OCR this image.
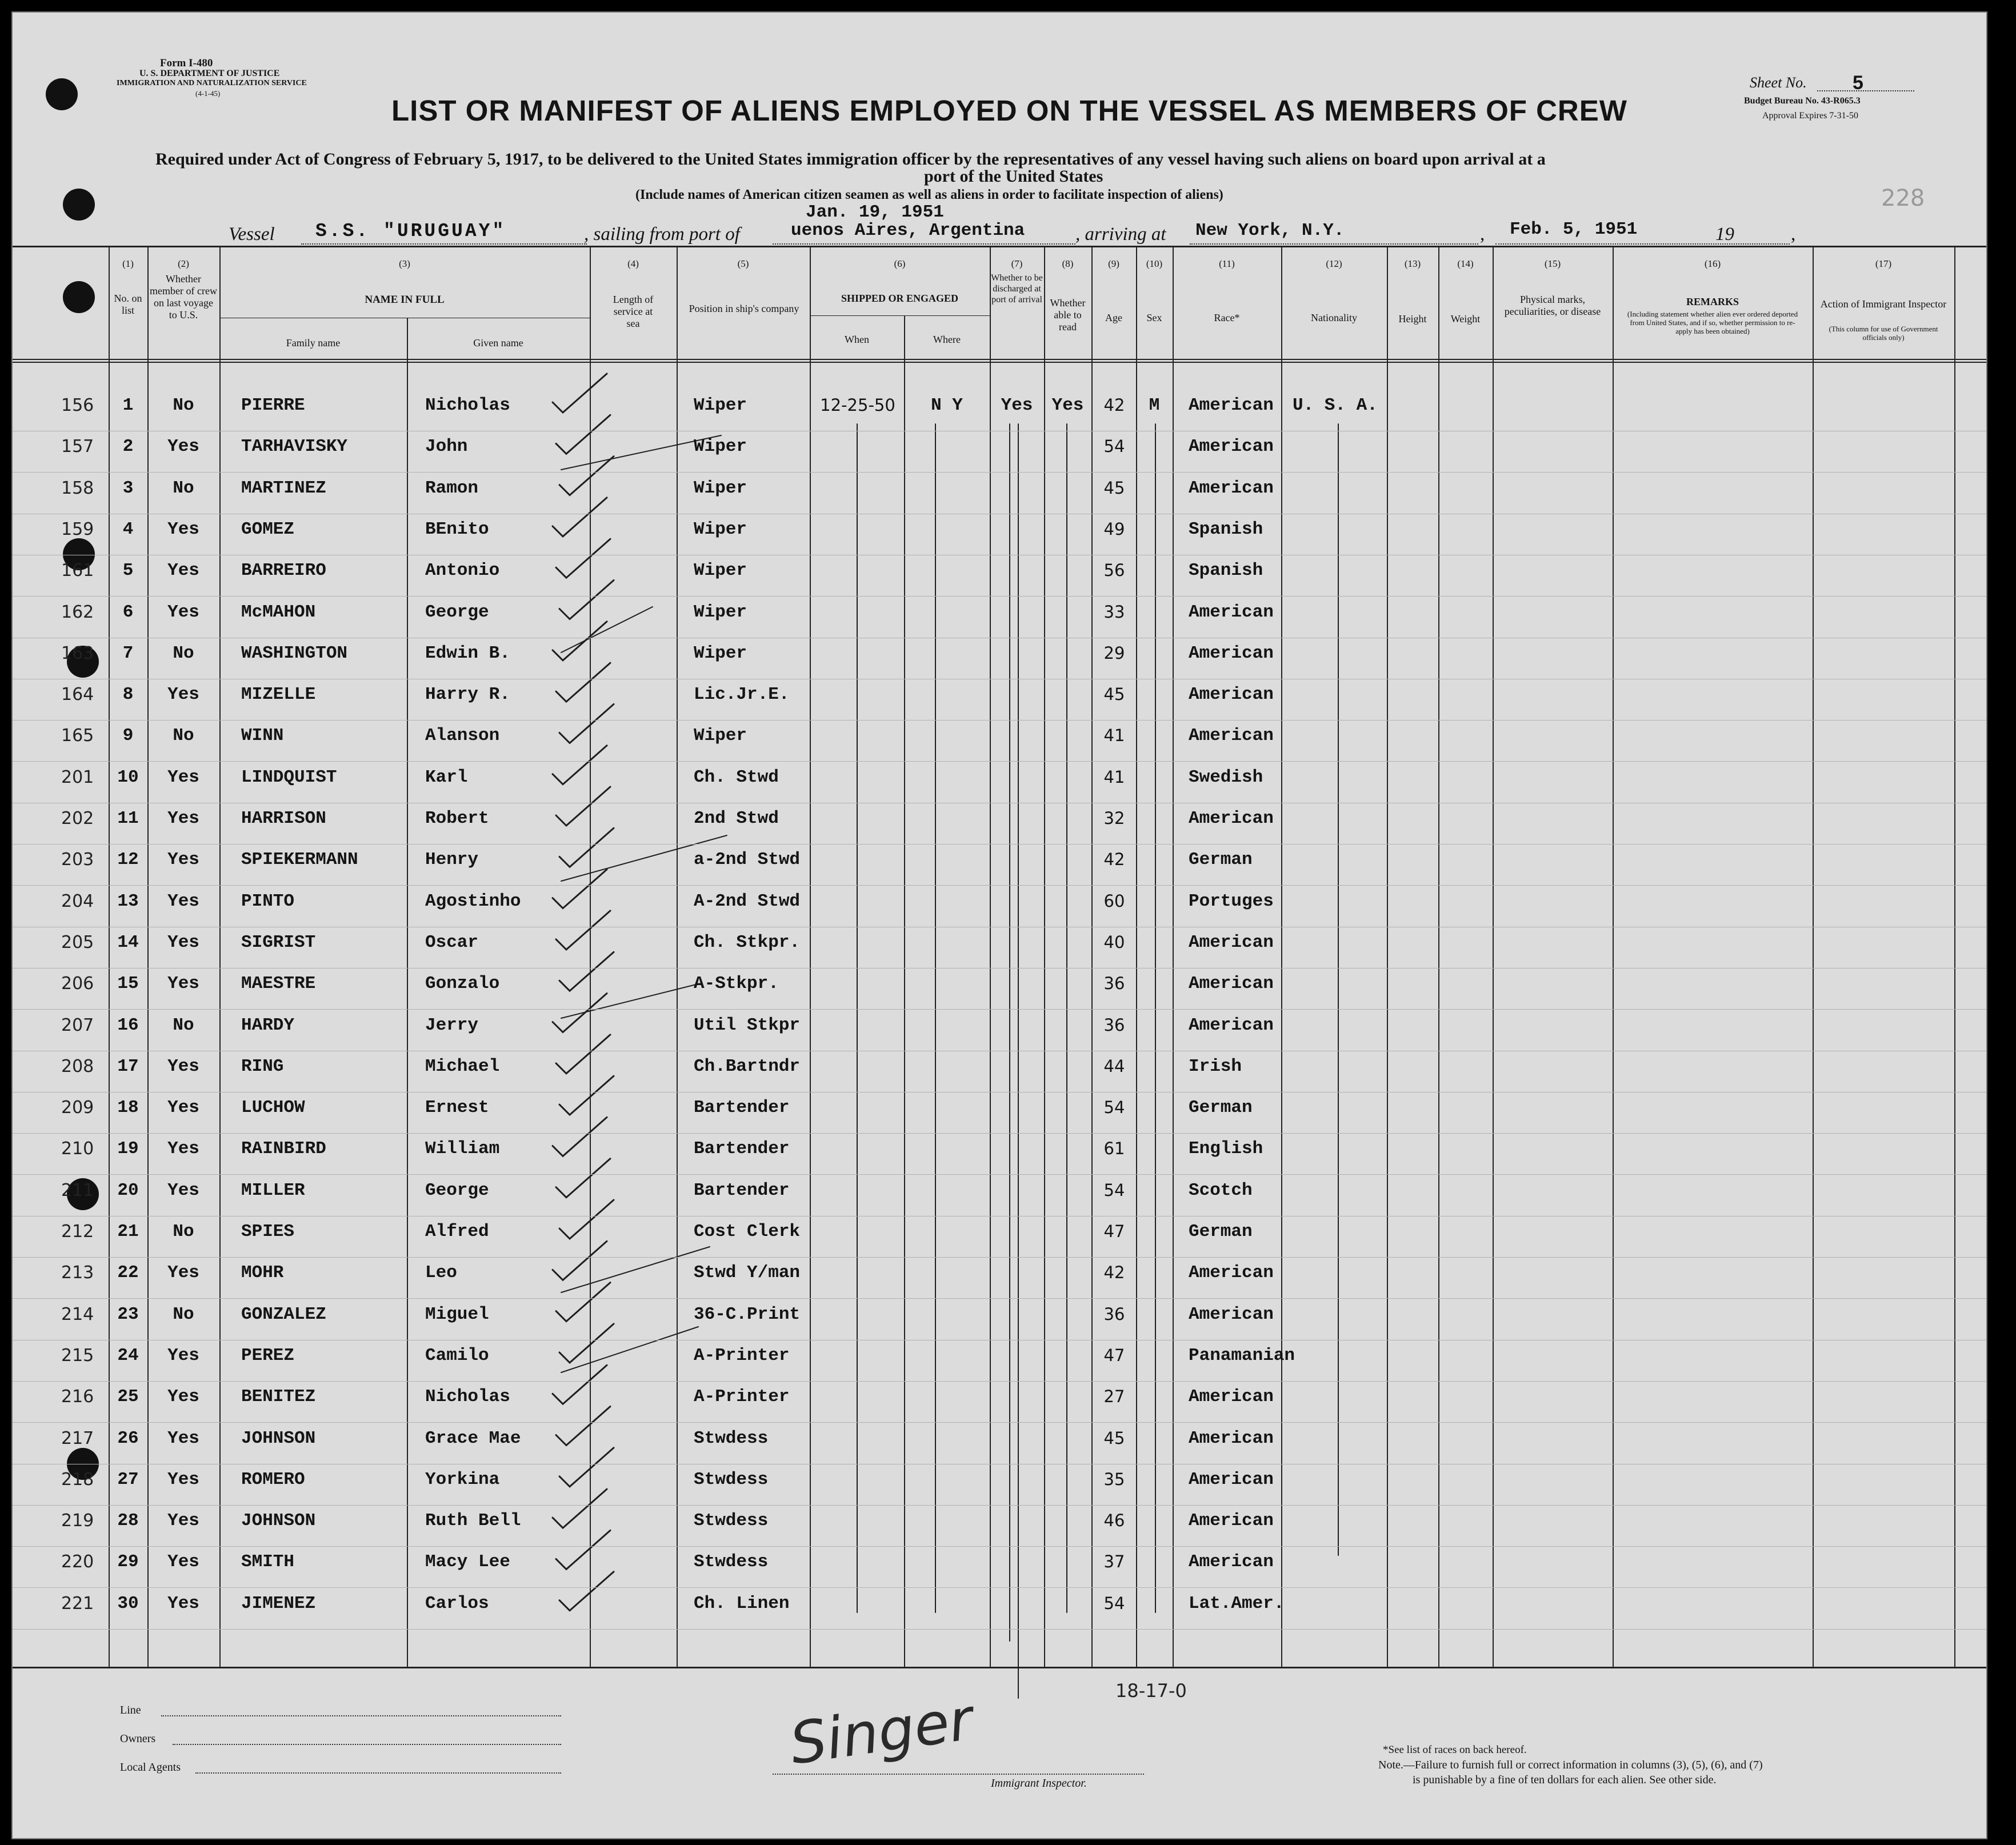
Form I-480
U. S. DEPARTMENT OF JUSTICE
IMMIGRATION AND NATURALIZATION SERVICE
(4-1-45)
Sheet No. 5
Budget Bureau No. 43-R065.3
Approval Expires 7-31-50
228
LIST OR MANIFEST OF ALIENS EMPLOYED ON THE VESSEL AS MEMBERS OF CREW
Required under Act of Congress of February 5, 1917, to be delivered to the United States immigration officer by the representatives of any vessel having such aliens on board upon arrival at a
port of the United States
(Include names of American citizen seamen as well as aliens in order to facilitate inspection of aliens)
Vessel S.S. "URUGUAY"	, sailing from port of
Jan. 19, 1951
uenos Aires, Argentina	, arriving at New York, N.Y.	, Feb. 5, 1951	19	,
(1)
No. on list
(2)
Whether member of crew on last voyage to U.S.
(3)
NAME IN FULL
Family name	Given name
(4)
Length of service at sea
(5)
Position in ship's company
(6)
SHIPPED OR ENGAGED
When	Where
(7)
Whether to be discharged at port of arrival
(8)
Whether able to read
(9)
Age
(10)
Sex
(11)
Race*
(12)
Nationality
(13)
Height
(14)
Weight
(15)
Physical marks, peculiarities, or disease
(16)
REMARKS
(Including statement whether alien ever ordered deported from United States, and if so, whether permission to re-apply has been obtained)
(17)
Action of Immigrant Inspector
(This column for use of Government officials only)
Line
Owners
Local Agents	Singer
Immigrant Inspector.
18-17-0
*See list of races on back hereof.
Note.—Failure to furnish full or correct information in columns (3), (5), (6), and (7)
is punishable by a fine of ten dollars for each alien. See other side.
156	1	No	PIERRE	Nicholas	Wiper	12-25-50	N Y	Yes	Yes	42	M	American	U. S. A.
157	2	Yes	TARHAVISKY	John	Wiper	54	American
158	3	No	MARTINEZ	Ramon	Wiper	45	American
159	4	Yes	GOMEZ	BEnito	Wiper	49	Spanish
161	5	Yes	BARREIRO	Antonio	Wiper	56	Spanish
162	6	Yes	McMAHON	George	Wiper	33	American
163	7	No	WASHINGTON	Edwin B.	Wiper	29	American
164	8	Yes	MIZELLE	Harry R.	Lic.Jr.E.	45	American
165	9	No	WINN	Alanson	Wiper	41	American
201	10	Yes	LINDQUIST	Karl	Ch. Stwd	41	Swedish
202	11	Yes	HARRISON	Robert	2nd Stwd	32	American
203	12	Yes	SPIEKERMANN	Henry	a-2nd Stwd	42	German
204	13	Yes	PINTO	Agostinho	A-2nd Stwd	60	Portuges
205	14	Yes	SIGRIST	Oscar	Ch. Stkpr.	40	American
206	15	Yes	MAESTRE	Gonzalo	A-Stkpr.	36	American
207	16	No	HARDY	Jerry	Util Stkpr	36	American
208	17	Yes	RING	Michael	Ch.Bartndr	44	Irish
209	18	Yes	LUCHOW	Ernest	Bartender	54	German
210	19	Yes	RAINBIRD	William	Bartender	61	English
211	20	Yes	MILLER	George	Bartender	54	Scotch
212	21	No	SPIES	Alfred	Cost Clerk	47	German
213	22	Yes	MOHR	Leo	Stwd Y/man	42	American
214	23	No	GONZALEZ	Miguel	36-C.Print	36	American
215	24	Yes	PEREZ	Camilo	A-Printer	47	Panamanian
216	25	Yes	BENITEZ	Nicholas	A-Printer	27	American
217	26	Yes	JOHNSON	Grace Mae	Stwdess	45	American
218	27	Yes	ROMERO	Yorkina	Stwdess	35	American
219	28	Yes	JOHNSON	Ruth Bell	Stwdess	46	American
220	29	Yes	SMITH	Macy Lee	Stwdess	37	American
221	30	Yes	JIMENEZ	Carlos	Ch. Linen	54	Lat.Amer.
